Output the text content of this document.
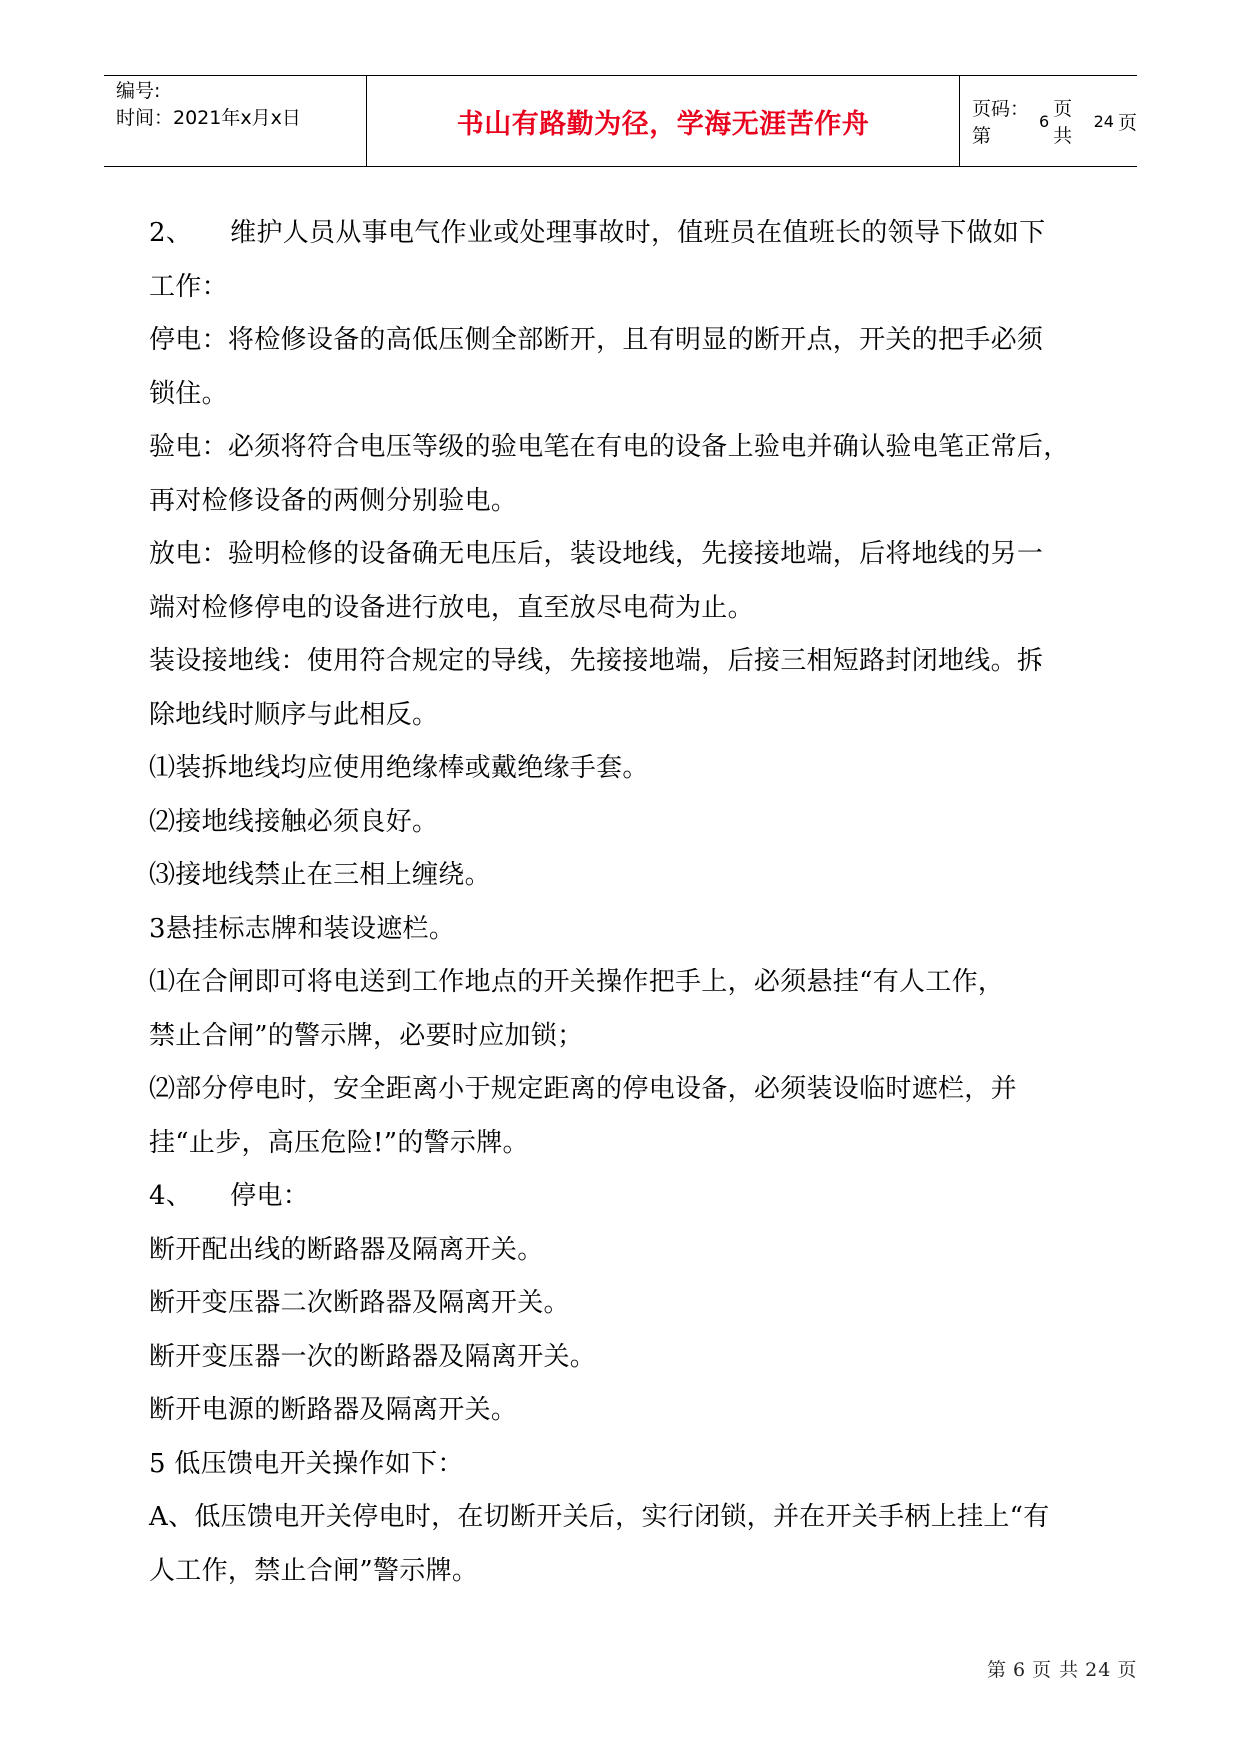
编号:
时间：2021年x月x日	书山有路勤为径，学海无涯苦作舟	页码：第
6
页 共
24 页

2、 维护人员从事电气作业或处理事故时，值班员在值班长的领导下做如下

工作：

停电：将检修设备的高低压侧全部断开，且有明显的断开点，开关的把手必须

锁住。

验电：必须将符合电压等级的验电笔在有电的设备上验电并确认验电笔正常后，

再对检修设备的两侧分别验电。

放电：验明检修的设备确无电压后，装设地线，先接接地端，后将地线的另一

端对检修停电的设备进行放电，直至放尽电荷为止。

装设接地线：使用符合规定的导线，先接接地端，后接三相短路封闭地线。拆

除地线时顺序与此相反。

⑴装拆地线均应使用绝缘棒或戴绝缘手套。

⑵接地线接触必须良好。

⑶接地线禁止在三相上缠绕。

3悬挂标志牌和装设遮栏。

⑴在合闸即可将电送到工作地点的开关操作把手上，必须悬挂“有人工作，

禁止合闸”的警示牌，必要时应加锁；

⑵部分停电时，安全距离小于规定距离的停电设备，必须装设临时遮栏，并

挂“止步，高压危险!”的警示牌。

4、 停电：

断开配出线的断路器及隔离开关。

断开变压器二次断路器及隔离开关。

断开变压器一次的断路器及隔离开关。

断开电源的断路器及隔离开关。

5 低压馈电开关操作如下：

A、低压馈电开关停电时，在切断开关后，实行闭锁，并在开关手柄上挂上“有

人工作，禁止合闸”警示牌。

第 6 页 共 24 页
